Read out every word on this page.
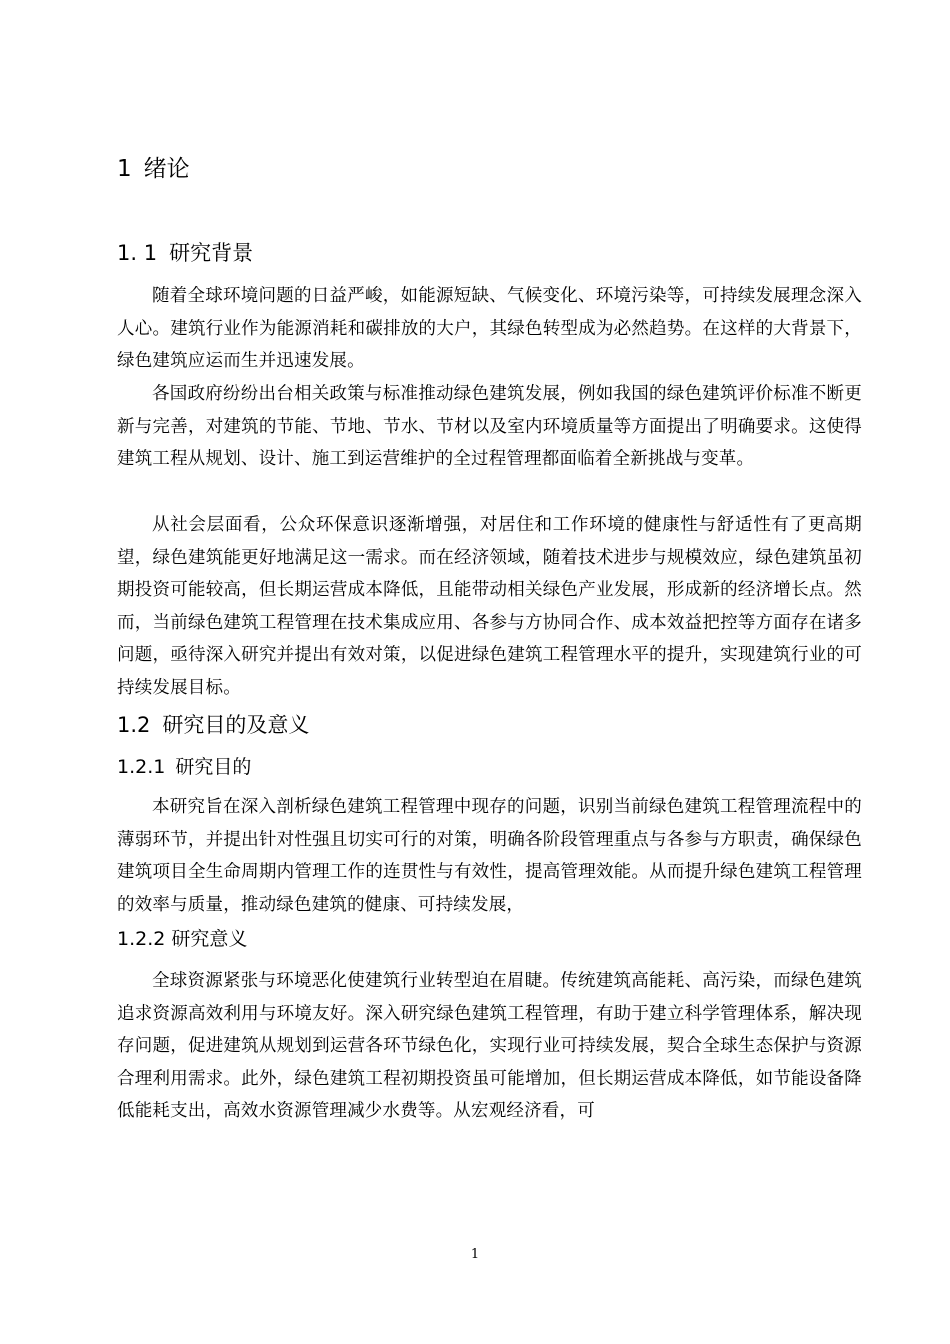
1 绪论
1. 1 研究背景

随着全球环境问题的日益严峻，如能源短缺、气候变化、环境污染等，可持续发展理念深入人心。建筑行业作为能源消耗和碳排放的大户，其绿色转型成为必然趋势。在这样的大背景下，绿色建筑应运而生并迅速发展。

各国政府纷纷出台相关政策与标准推动绿色建筑发展，例如我国的绿色建筑评价标准不断更新与完善，对建筑的节能、节地、节水、节材以及室内环境质量等方面提出了明确要求。这使得建筑工程从规划、设计、施工到运营维护的全过程管理都面临着全新挑战与变革。

从社会层面看，公众环保意识逐渐增强，对居住和工作环境的健康性与舒适性有了更高期望，绿色建筑能更好地满足这一需求。而在经济领域，随着技术进步与规模效应，绿色建筑虽初期投资可能较高，但长期运营成本降低，且能带动相关绿色产业发展，形成新的经济增长点。然而，当前绿色建筑工程管理在技术集成应用、各参与方协同合作、成本效益把控等方面存在诸多问题，亟待深入研究并提出有效对策，以促进绿色建筑工程管理水平的提升，实现建筑行业的可持续发展目标。

1.2 研究目的及意义
1.2.1 研究目的

本研究旨在深入剖析绿色建筑工程管理中现存的问题，识别当前绿色建筑工程管理流程中的薄弱环节，并提出针对性强且切实可行的对策，明确各阶段管理重点与各参与方职责，确保绿色建筑项目全生命周期内管理工作的连贯性与有效性，提高管理效能。从而提升绿色建筑工程管理的效率与质量，推动绿色建筑的健康、可持续发展，

1.2.2 研究意义

全球资源紧张与环境恶化使建筑行业转型迫在眉睫。传统建筑高能耗、高污染，而绿色建筑追求资源高效利用与环境友好。深入研究绿色建筑工程管理，有助于建立科学管理体系，解决现存问题，促进建筑从规划到运营各环节绿色化，实现行业可持续发展，契合全球生态保护与资源合理利用需求。此外，绿色建筑工程初期投资虽可能增加，但长期运营成本降低，如节能设备降低能耗支出，高效水资源管理减少水费等。从宏观经济看，可

1
